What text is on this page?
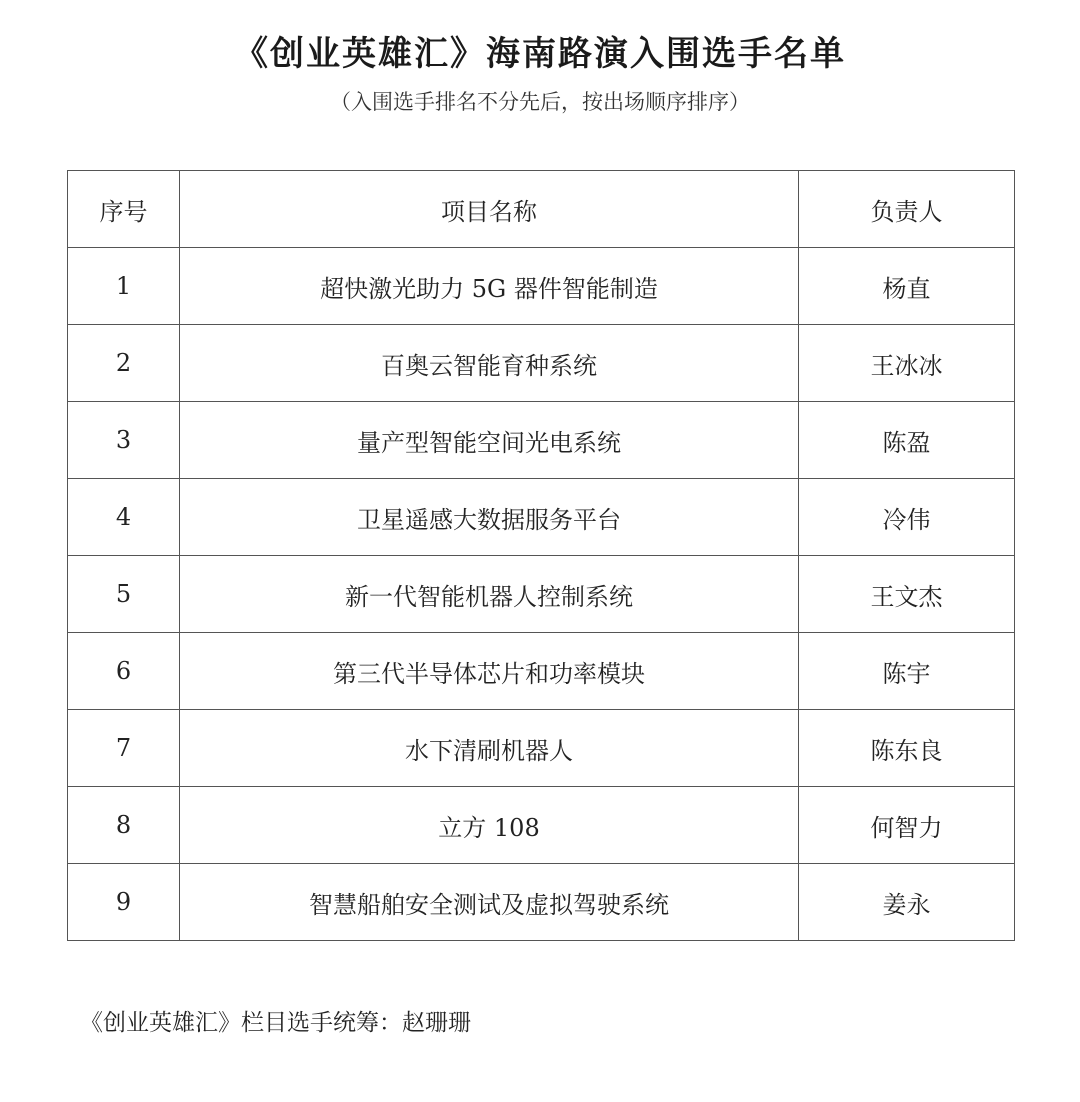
《创业英雄汇》海南路演入围选手名单
（入围选手排名不分先后，按出场顺序排序）
序号	项目名称	负责人
1	超快激光助力 5G 器件智能制造	杨直
2	百奥云智能育种系统	王冰冰
3	量产型智能空间光电系统	陈盈
4	卫星遥感大数据服务平台	冷伟
5	新一代智能机器人控制系统	王文杰
6	第三代半导体芯片和功率模块	陈宇
7	水下清刷机器人	陈东良
8	立方 108	何智力
9	智慧船舶安全测试及虚拟驾驶系统	姜永
《创业英雄汇》栏目选手统筹：赵珊珊
